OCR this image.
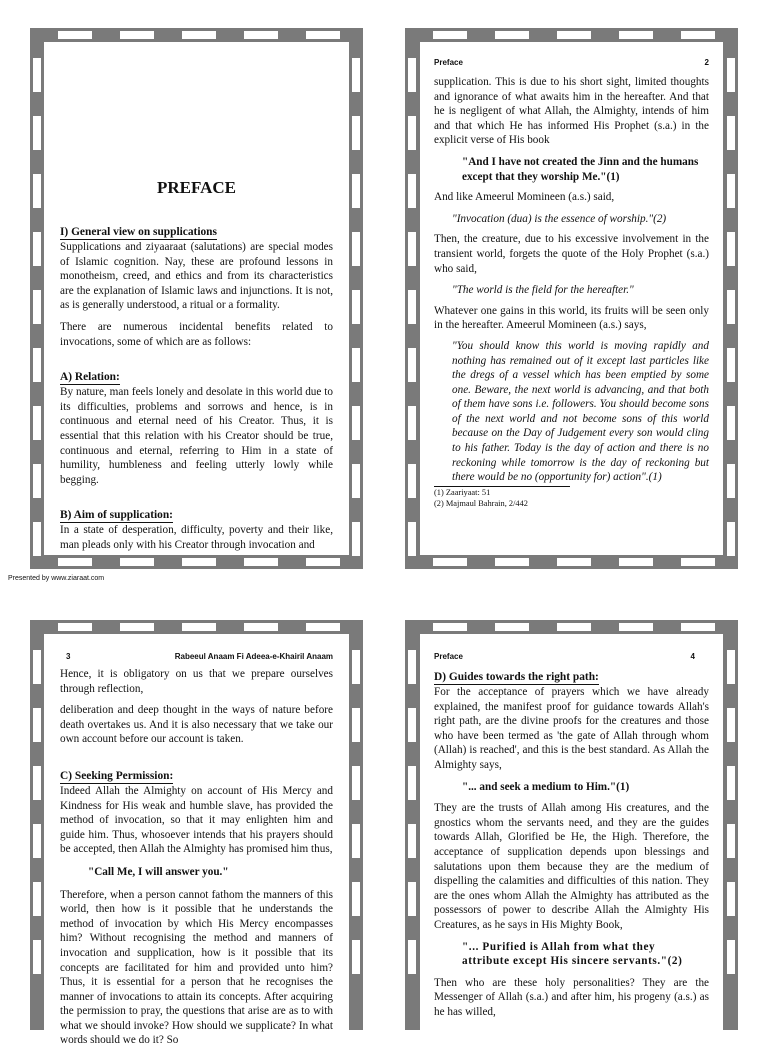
PREFACE
I) General view on supplications

Supplications and ziyaaraat (salutations) are special modes of Islamic cognition. Nay, these are profound lessons in monotheism, creed, and ethics and from its characteristics are the explanation of Islamic laws and injunctions. It is not, as is generally understood, a ritual or a formality.

There are numerous incidental benefits related to invocations, some of which are as follows:

A) Relation:

By nature, man feels lonely and desolate in this world due to its difficulties, problems and sorrows and hence, is in continuous and eternal need of his Creator. Thus, it is essential that this relation with his Creator should be true, continuous and eternal, referring to Him in a state of humility, humbleness and feeling utterly lowly while begging.

B) Aim of supplication:

In a state of desperation, difficulty, poverty and their like, man pleads only with his Creator through invocation and

Preface	2

supplication. This is due to his short sight, limited thoughts and ignorance of what awaits him in the hereafter. And that he is negligent of what Allah, the Almighty, intends of him and that which He has informed His Prophet (s.a.) in the explicit verse of His book

"And I have not created the Jinn and the humans except that they worship Me."(1)

And like Ameerul Momineen (a.s.) said,

"Invocation (dua) is the essence of worship."(2)

Then, the creature, due to his excessive involvement in the transient world, forgets the quote of the Holy Prophet (s.a.) who said,

"The world is the field for the hereafter."

Whatever one gains in this world, its fruits will be seen only in the hereafter. Ameerul Momineen (a.s.) says,

"You should know this world is moving rapidly and nothing has remained out of it except last particles like the dregs of a vessel which has been emptied by some one. Beware, the next world is advancing, and that both of them have sons i.e. followers. You should become sons of the next world and not become sons of this world because on the Day of Judgement every son would cling to his father. Today is the day of action and there is no reckoning while tomorrow is the day of reckoning but there would be no (opportunity for) action".(1)

(1) Zaariyaat: 51
(2) Majmaul Bahrain, 2/442
3	Rabeeul Anaam Fi Adeea-e-Khairil Anaam

Hence, it is obligatory on us that we prepare ourselves through reflection,

deliberation and deep thought in the ways of nature before death overtakes us. And it is also necessary that we take our own account before our account is taken.

C) Seeking Permission:

Indeed Allah the Almighty on account of His Mercy and Kindness for His weak and humble slave, has provided the method of invocation, so that it may enlighten him and guide him. Thus, whosoever intends that his prayers should be accepted, then Allah the Almighty has promised him thus,

"Call Me, I will answer you."

Therefore, when a person cannot fathom the manners of this world, then how is it possible that he understands the method of invocation by which His Mercy encompasses him? Without recognising the method and manners of invocation and supplication, how is it possible that its concepts are facilitated for him and provided unto him? Thus, it is essential for a person that he recognises the manner of invocations to attain its concepts. After acquiring the permission to pray, the questions that arise are as to with what we should invoke? How should we supplicate? In what words should we do it? So

Preface	4
D) Guides towards the right path:

For the acceptance of prayers which we have already explained, the manifest proof for guidance towards Allah's right path, are the divine proofs for the creatures and those who have been termed as 'the gate of Allah through whom (Allah) is reached', and this is the best standard. As Allah the Almighty says,

"... and seek a medium to Him."(1)

They are the trusts of Allah among His creatures, and the gnostics whom the servants need, and they are the guides towards Allah, Glorified be He, the High. Therefore, the acceptance of supplication depends upon blessings and salutations upon them because they are the medium of dispelling the calamities and difficulties of this nation. They are the ones whom Allah the Almighty has attributed as the possessors of power to describe Allah the Almighty His Creatures, as he says in His Mighty Book,

"... Purified is Allah from what they attribute except His sincere servants."(2)

Then who are these holy personalities? They are the Messenger of Allah (s.a.) and after him, his progeny (a.s.) as he has willed,

Presented by www.ziaraat.com
